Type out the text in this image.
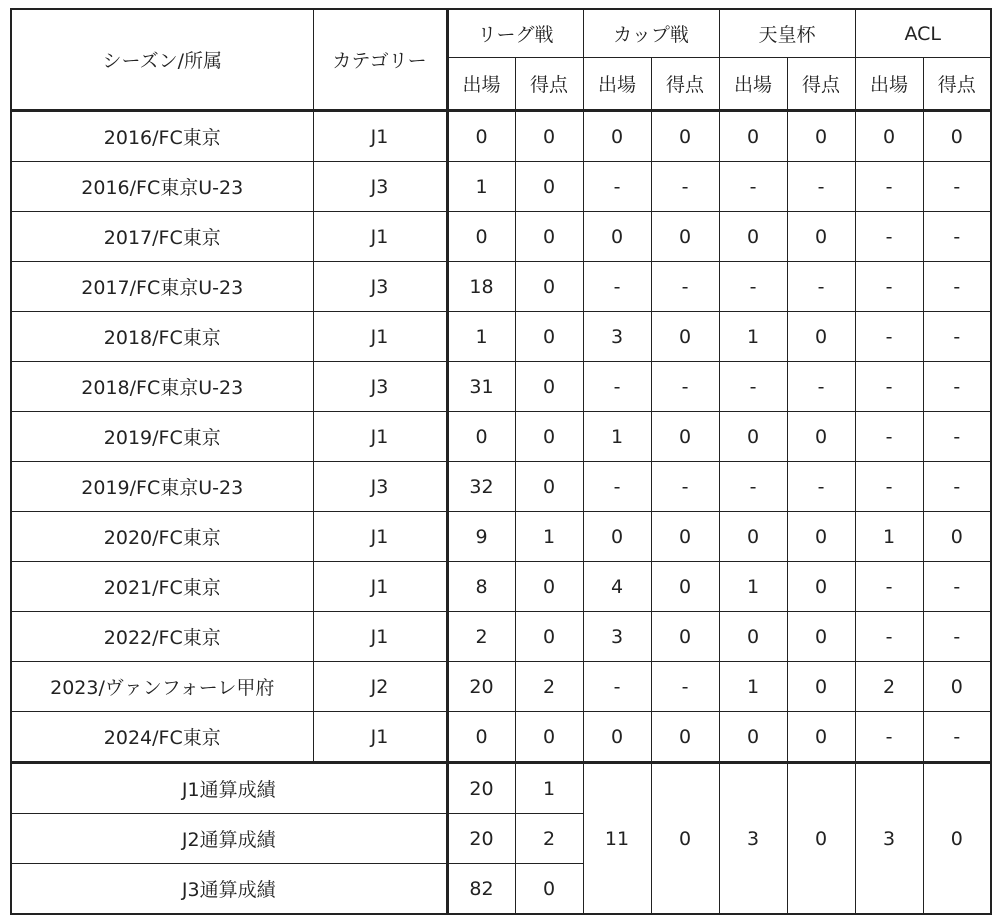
シーズン/所属	カテゴリー	リーグ戦		カップ戦		天皇杯		ACL	
		出場	得点	出場	得点	出場	得点	出場	得点
2016/FC東京	J1	0	0	0	0	0	0	0	0
2016/FC東京U-23	J3	1	0	-	-	-	-	-	-
2017/FC東京	J1	0	0	0	0	0	0	-	-
2017/FC東京U-23	J3	18	0	-	-	-	-	-	-
2018/FC東京	J1	1	0	3	0	1	0	-	-
2018/FC東京U-23	J3	31	0	-	-	-	-	-	-
2019/FC東京	J1	0	0	1	0	0	0	-	-
2019/FC東京U-23	J3	32	0	-	-	-	-	-	-
2020/FC東京	J1	9	1	0	0	0	0	1	0
2021/FC東京	J1	8	0	4	0	1	0	-	-
2022/FC東京	J1	2	0	3	0	0	0	-	-
2023/ヴァンフォーレ甲府	J2	20	2	-	-	1	0	2	0
2024/FC東京	J1	0	0	0	0	0	0	-	-
J1通算成績		20	1	11	0	3	0	3	0
J2通算成績		20	2						
J3通算成績		82	0						
